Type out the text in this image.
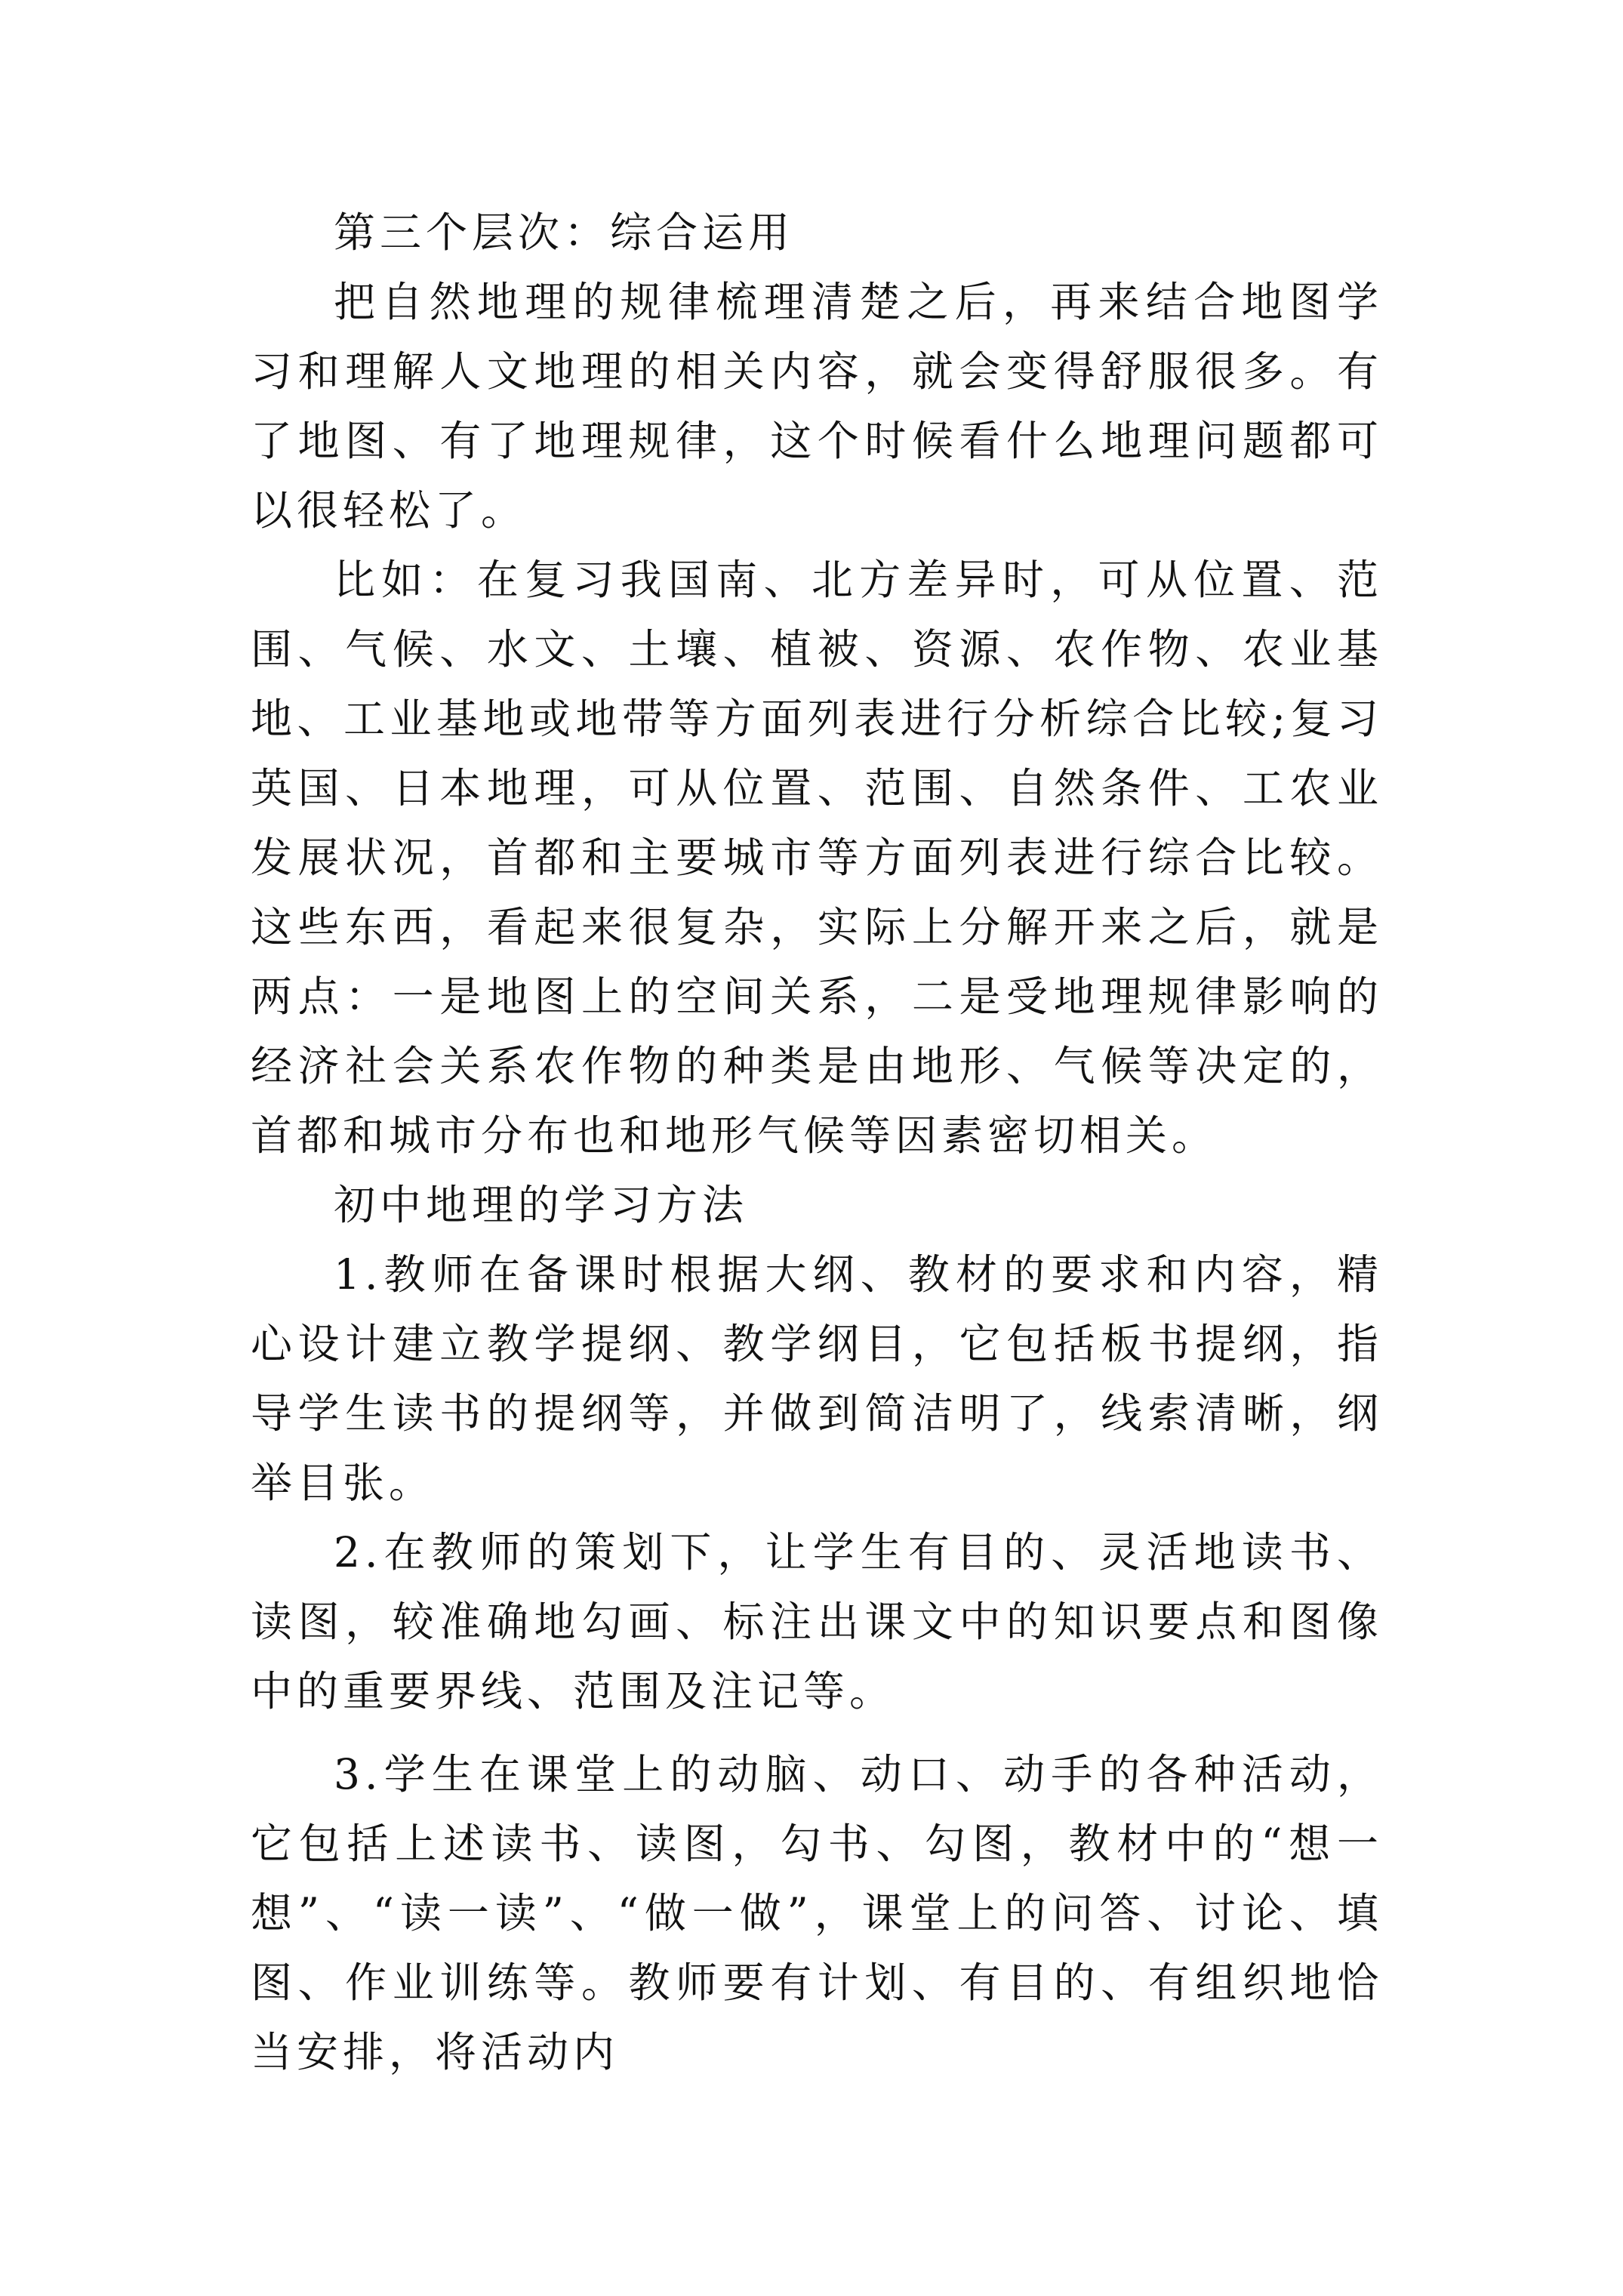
第三个层次：综合运用

把自然地理的规律梳理清楚之后，再来结合地图学习和理解人文地理的相关内容，就会变得舒服很多。有了地图、有了地理规律，这个时候看什么地理问题都可以很轻松了。

比如：在复习我国南、北方差异时，可从位置、范围、气候、水文、土壤、植被、资源、农作物、农业基地、工业基地或地带等方面列表进行分析综合比较;复习英国、日本地理，可从位置、范围、自然条件、工农业发展状况，首都和主要城市等方面列表进行综合比较。这些东西，看起来很复杂，实际上分解开来之后，就是两点：一是地图上的空间关系，二是受地理规律影响的经济社会关系农作物的种类是由地形、气候等决定的，首都和城市分布也和地形气候等因素密切相关。

初中地理的学习方法

1.教师在备课时根据大纲、教材的要求和内容，精心设计建立教学提纲、教学纲目，它包括板书提纲，指导学生读书的提纲等，并做到简洁明了，线索清晰，纲举目张。

2.在教师的策划下，让学生有目的、灵活地读书、读图，较准确地勾画、标注出课文中的知识要点和图像中的重要界线、范围及注记等。

3.学生在课堂上的动脑、动口、动手的各种活动，它包括上述读书、读图，勾书、勾图，教材中的“想一想”、“读一读”、“做一做”，课堂上的问答、讨论、填图、作业训练等。教师要有计划、有目的、有组织地恰当安排，将活动内
